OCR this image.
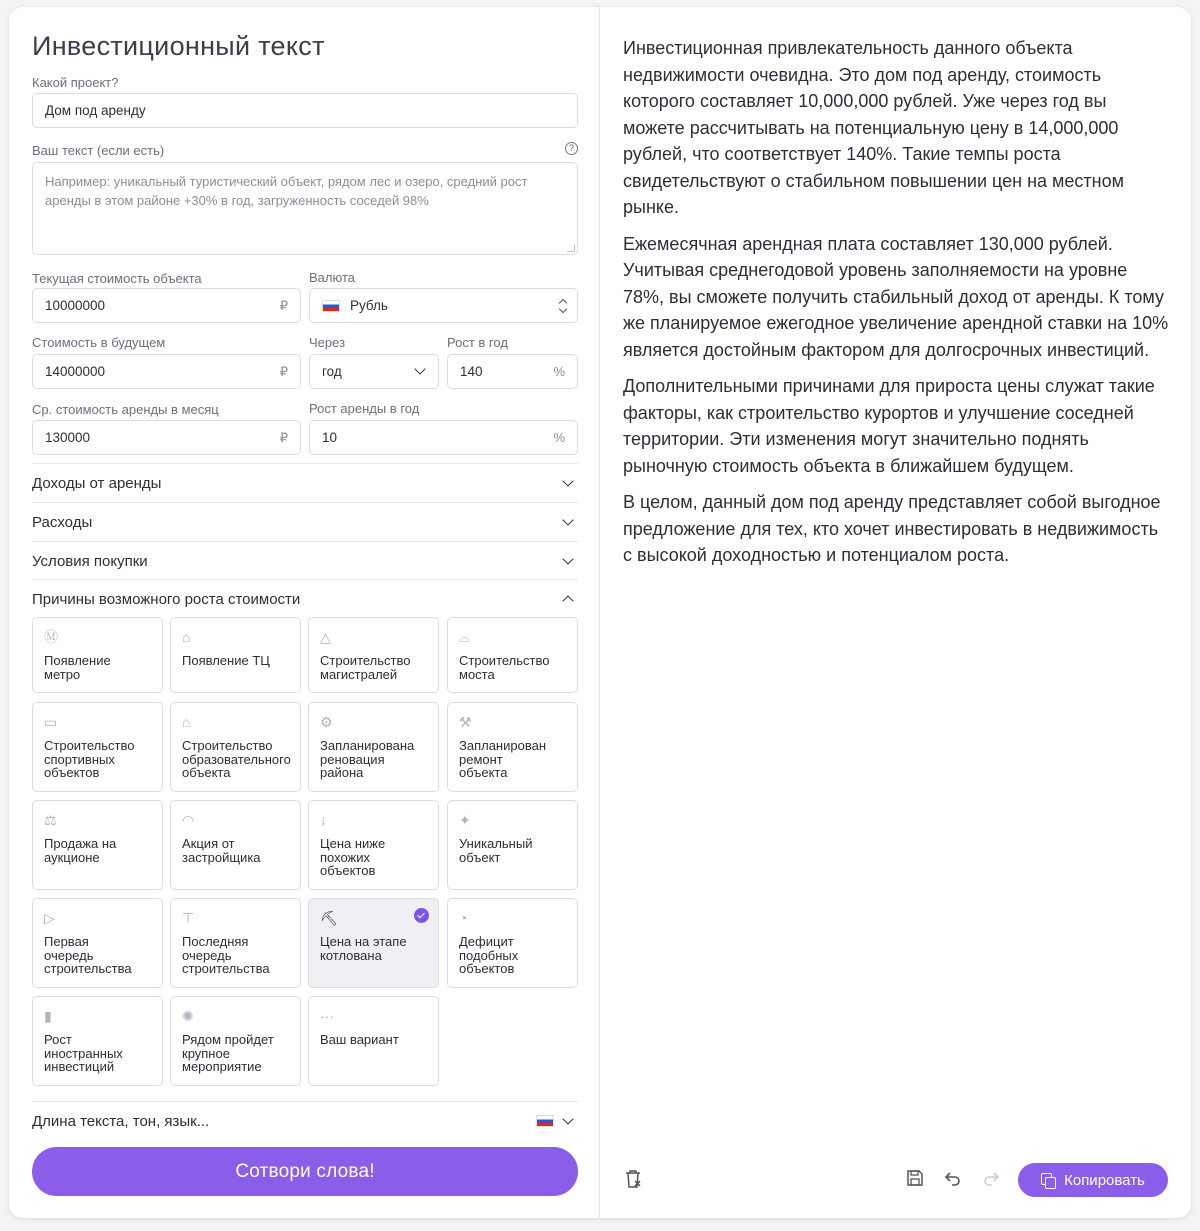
Инвестиционный текст
Какой проект?
Дом под аренду
Ваш текст (если есть)	?
Например: уникальный туристический объект, рядом лес и озеро, средний рост аренды в этом районе +30% в год, загруженность соседей 98%
Текущая стоимость объекта
10000000	₽
Валюта
Рубль
Стоимость в будущем
14000000	₽
Через
год
Рост в год
140	%
Ср. стоимость аренды в месяц
130000	₽
Рост аренды в год
10	%
Доходы от аренды
Расходы
Условия покупки
Причины возможного роста стоимости
Ⓜ
Появление
метро
⌂
Появление ТЦ
△
Строительство
магистралей
⌓
Строительство
моста
▭
Строительство
спортивных
объектов
⌂
Строительство
образовательного
объекта
⚙
Запланирована
реновация
района
⚒
Запланирован
ремонт
объекта
⚖
Продажа на
аукционе
◠
Акция от
застройщика
↓
Цена ниже
похожих
объектов
✦
Уникальный
объект
▷
Первая
очередь
строительства
⊤
Последняя
очередь
строительства
⛏
Цена на этапе
котлована
◔
Дефицит
подобных
объектов
▮
Рост
иностранных
инвестиций
✺
Рядом пройдет
крупное
мероприятие
···
Ваш вариант
Длина текста, тон, язык...
Сотвори слова!

Инвестиционная привлекательность данного объекта недвижимости очевидна. Это дом под аренду, стоимость которого составляет 10,000,000 рублей. Уже через год вы можете рассчитывать на потенциальную цену в 14,000,000 рублей, что соответствует 140%. Такие темпы роста свидетельствуют о стабильном повышении цен на местном рынке.

Ежемесячная арендная плата составляет 130,000 рублей. Учитывая среднегодовой уровень заполняемости на уровне 78%, вы сможете получить стабильный доход от аренды. К тому же планируемое ежегодное увеличение арендной ставки на 10% является достойным фактором для долгосрочных инвестиций.

Дополнительными причинами для прироста цены служат такие факторы, как строительство курортов и улучшение соседней территории. Эти изменения могут значительно поднять рыночную стоимость объекта в ближайшем будущем.

В целом, данный дом под аренду представляет собой выгодное предложение для тех, кто хочет инвестировать в недвижимость с высокой доходностью и потенциалом роста.

Копировать
